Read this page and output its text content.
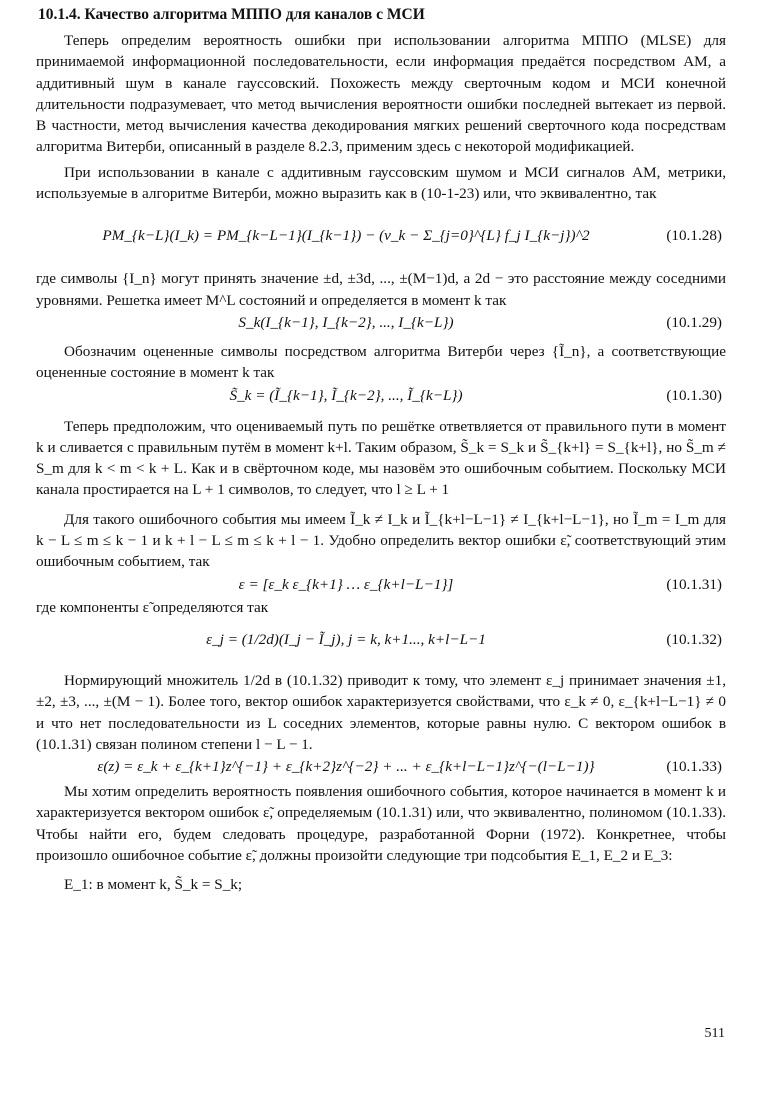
10.1.4. Качество алгоритма МППО для каналов с МСИ

Теперь определим вероятность ошибки при использовании алгоритма МППО (MLSE) для принимаемой информационной последовательности, если информация предаётся посредством АМ, а аддитивный шум в канале гауссовский. Похожесть между сверточным кодом и МСИ конечной длительности подразумевает, что метод вычисления вероятности ошибки последней вытекает из первой. В частности, метод вычисления качества декодирования мягких решений сверточного кода посредствам алгоритма Витерби, описанный в разделе 8.2.3, применим здесь с некоторой модификацией.

При использовании в канале с аддитивным гауссовским шумом и МСИ сигналов АМ, метрики, используемые в алгоритме Витерби, можно выразить как в (10-1-23) или, что эквивалентно, так

PM_{k−L}(I_k) = PM_{k−L−1}(I_{k−1}) − (v_k − Σ_{j=0}^{L} f_j I_{k−j})^2	(10.1.28)

где символы {I_n} могут принять значение ±d, ±3d, ..., ±(M−1)d, а 2d − это расстояние между соседними уровнями. Решетка имеет M^L состояний и определяется в момент k так

S_k(I_{k−1}, I_{k−2}, ..., I_{k−L})	(10.1.29)

Обозначим оцененные символы посредством алгоритма Витерби через {Ĩ_n}, а соответствующие оцененные состояние в момент k так

S̃_k = (Ĩ_{k−1}, Ĩ_{k−2}, ..., Ĩ_{k−L})	(10.1.30)

Теперь предположим, что оцениваемый путь по решётке ответвляется от правильного пути в момент k и сливается с правильным путём в момент k+l. Таким образом, S̃_k = S_k и S̃_{k+l} = S_{k+l}, но S̃_m ≠ S_m для k < m < k + L. Как и в свёрточном коде, мы назовём это ошибочным событием. Поскольку МСИ канала простирается на L + 1 символов, то следует, что l ≥ L + 1

Для такого ошибочного события мы имеем Ĩ_k ≠ I_k и Ĩ_{k+l−L−1} ≠ I_{k+l−L−1}, но Ĩ_m = I_m для k − L ≤ m ≤ k − 1 и k + l − L ≤ m ≤ k + l − 1. Удобно определить вектор ошибки ε̃, соответствующий этим ошибочным событием, так

ε = [ε_k ε_{k+1} … ε_{k+l−L−1}]	(10.1.31)

где компоненты ε̃ определяются так

ε_j = (1/2d)(I_j − Ĩ_j), j = k, k+1..., k+l−L−1	(10.1.32)

Нормирующий множитель 1/2d в (10.1.32) приводит к тому, что элемент ε_j принимает значения ±1, ±2, ±3, ..., ±(M − 1). Более того, вектор ошибок характеризуется свойствами, что ε_k ≠ 0, ε_{k+l−L−1} ≠ 0 и что нет последовательности из L соседних элементов, которые равны нулю. С вектором ошибок в (10.1.31) связан полином степени l − L − 1.

ε(z) = ε_k + ε_{k+1}z^{−1} + ε_{k+2}z^{−2} + ... + ε_{k+l−L−1}z^{−(l−L−1)}	(10.1.33)

Мы хотим определить вероятность появления ошибочного события, которое начинается в момент k и характеризуется вектором ошибок ε̃, определяемым (10.1.31) или, что эквивалентно, полиномом (10.1.33). Чтобы найти его, будем следовать процедуре, разработанной Форни (1972). Конкретнее, чтобы произошло ошибочное событие ε̃, должны произойти следующие три подсобытия E_1, E_2 и E_3:

E_1: в момент k, S̃_k = S_k;

511
